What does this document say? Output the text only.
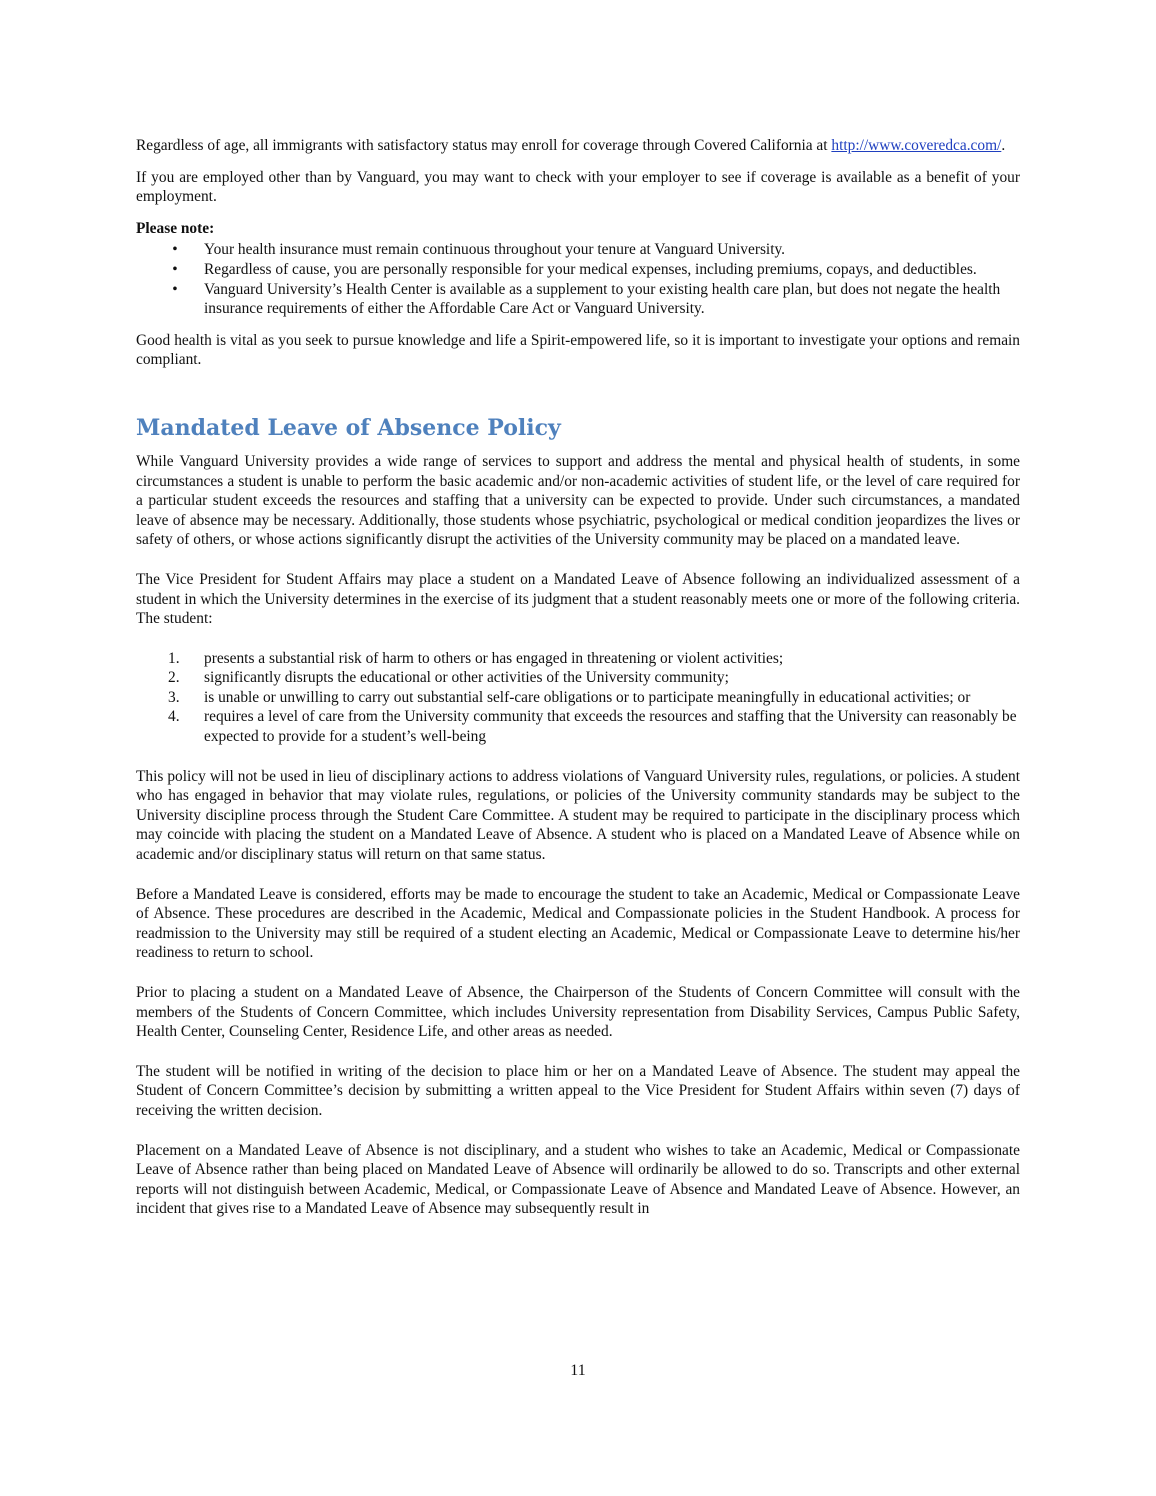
Regardless of age, all immigrants with satisfactory status may enroll for coverage through Covered California at http://www.coveredca.com/.

If you are employed other than by Vanguard, you may want to check with your employer to see if coverage is available as a benefit of your employment.

Please note:
• Your health insurance must remain continuous throughout your tenure at Vanguard University.
• Regardless of cause, you are personally responsible for your medical expenses, including premiums, copays, and deductibles.
• Vanguard University’s Health Center is available as a supplement to your existing health care plan, but does not negate the health insurance requirements of either the Affordable Care Act or Vanguard University.

Good health is vital as you seek to pursue knowledge and life a Spirit-empowered life, so it is important to investigate your options and remain compliant.

Mandated Leave of Absence Policy

While Vanguard University provides a wide range of services to support and address the mental and physical health of students, in some circumstances a student is unable to perform the basic academic and/or non-academic activities of student life, or the level of care required for a particular student exceeds the resources and staffing that a university can be expected to provide. Under such circumstances, a mandated leave of absence may be necessary. Additionally, those students whose psychiatric, psychological or medical condition jeopardizes the lives or safety of others, or whose actions significantly disrupt the activities of the University community may be placed on a mandated leave.

The Vice President for Student Affairs may place a student on a Mandated Leave of Absence following an individualized assessment of a student in which the University determines in the exercise of its judgment that a student reasonably meets one or more of the following criteria. The student:

1. presents a substantial risk of harm to others or has engaged in threatening or violent activities;
2. significantly disrupts the educational or other activities of the University community;
3. is unable or unwilling to carry out substantial self-care obligations or to participate meaningfully in educational activities; or
4. requires a level of care from the University community that exceeds the resources and staffing that the University can reasonably be expected to provide for a student’s well-being

This policy will not be used in lieu of disciplinary actions to address violations of Vanguard University rules, regulations, or policies. A student who has engaged in behavior that may violate rules, regulations, or policies of the University community standards may be subject to the University discipline process through the Student Care Committee. A student may be required to participate in the disciplinary process which may coincide with placing the student on a Mandated Leave of Absence. A student who is placed on a Mandated Leave of Absence while on academic and/or disciplinary status will return on that same status.

Before a Mandated Leave is considered, efforts may be made to encourage the student to take an Academic, Medical or Compassionate Leave of Absence. These procedures are described in the Academic, Medical and Compassionate policies in the Student Handbook. A process for readmission to the University may still be required of a student electing an Academic, Medical or Compassionate Leave to determine his/her readiness to return to school.

Prior to placing a student on a Mandated Leave of Absence, the Chairperson of the Students of Concern Committee will consult with the members of the Students of Concern Committee, which includes University representation from Disability Services, Campus Public Safety, Health Center, Counseling Center, Residence Life, and other areas as needed.

The student will be notified in writing of the decision to place him or her on a Mandated Leave of Absence. The student may appeal the Student of Concern Committee’s decision by submitting a written appeal to the Vice President for Student Affairs within seven (7) days of receiving the written decision.

Placement on a Mandated Leave of Absence is not disciplinary, and a student who wishes to take an Academic, Medical or Compassionate Leave of Absence rather than being placed on Mandated Leave of Absence will ordinarily be allowed to do so. Transcripts and other external reports will not distinguish between Academic, Medical, or Compassionate Leave of Absence and Mandated Leave of Absence. However, an incident that gives rise to a Mandated Leave of Absence may subsequently result in

11
